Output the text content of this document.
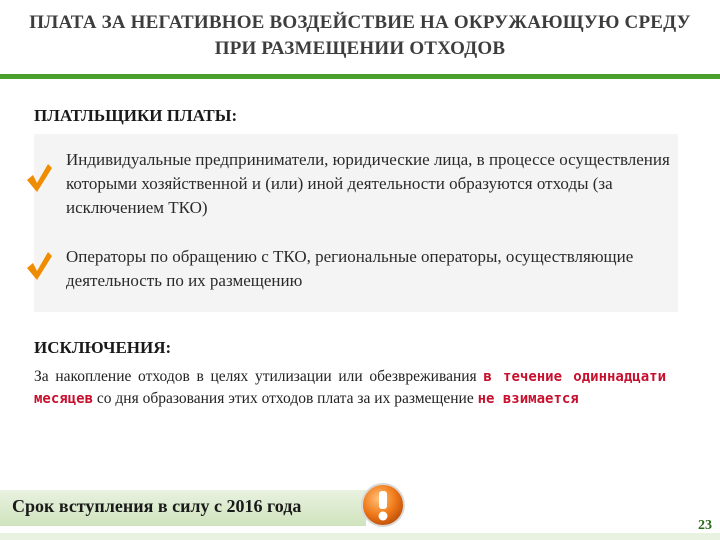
ПЛАТА ЗА НЕГАТИВНОЕ ВОЗДЕЙСТВИЕ НА ОКРУЖАЮЩУЮ СРЕДУ
ПРИ РАЗМЕЩЕНИИ ОТХОДОВ
ПЛАТЛЬЩИКИ ПЛАТЫ:
Индивидуальные предприниматели, юридические лица, в процессе осуществления которыми хозяйственной и (или) иной деятельности образуются отходы (за исключением ТКО)
Операторы по обращению с ТКО, региональные операторы, осуществляющие деятельность по их размещению
ИСКЛЮЧЕНИЯ:
За накопление отходов в целях утилизации или обезвреживания в течение одиннадцати месяцев со дня образования этих отходов плата за их размещение не взимается
Срок вступления в силу с 2016 года
23
